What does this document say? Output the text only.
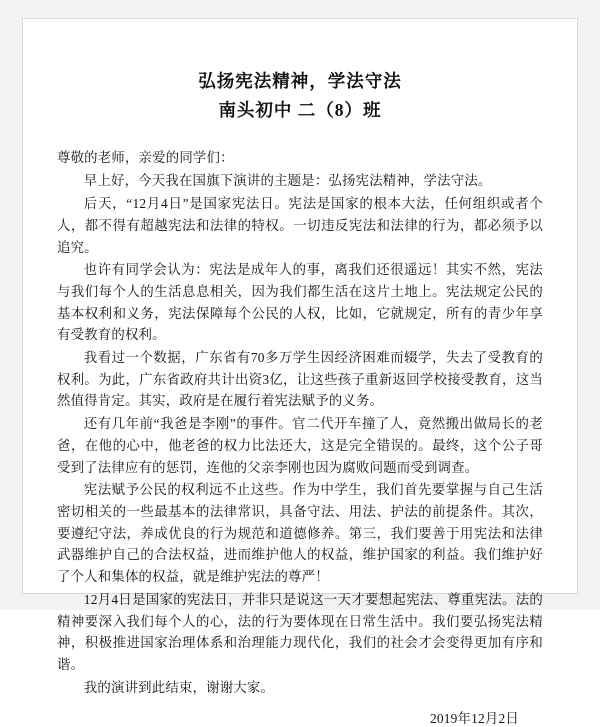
弘扬宪法精神，学法守法
南头初中 二（8）班

尊敬的老师，亲爱的同学们：

早上好，今天我在国旗下演讲的主题是：弘扬宪法精神，学法守法。

后天，“12月4日”是国家宪法日。宪法是国家的根本大法，任何组织或者个人，都不得有超越宪法和法律的特权。一切违反宪法和法律的行为，都必须予以追究。

也许有同学会认为：宪法是成年人的事，离我们还很遥远！其实不然，宪法与我们每个人的生活息息相关，因为我们都生活在这片土地上。宪法规定公民的基本权利和义务，宪法保障每个公民的人权，比如，它就规定，所有的青少年享有受教育的权利。

我看过一个数据，广东省有70多万学生因经济困难而辍学，失去了受教育的权利。为此，广东省政府共计出资3亿，让这些孩子重新返回学校接受教育，这当然值得肯定。其实，政府是在履行着宪法赋予的义务。

还有几年前“我爸是李刚”的事件。官二代开车撞了人，竟然搬出做局长的老爸，在他的心中，他老爸的权力比法还大，这是完全错误的。最终，这个公子哥受到了法律应有的惩罚，连他的父亲李刚也因为腐败问题而受到调查。

宪法赋予公民的权利远不止这些。作为中学生，我们首先要掌握与自己生活密切相关的一些最基本的法律常识，具备守法、用法、护法的前提条件。其次，要遵纪守法，养成优良的行为规范和道德修养。第三，我们要善于用宪法和法律武器维护自己的合法权益，进而维护他人的权益，维护国家的利益。我们维护好了个人和集体的权益，就是维护宪法的尊严！

12月4日是国家的宪法日，并非只是说这一天才要想起宪法、尊重宪法。法的精神要深入我们每个人的心，法的行为要体现在日常生活中。我们要弘扬宪法精神，积极推进国家治理体系和治理能力现代化，我们的社会才会变得更加有序和谐。

我的演讲到此结束，谢谢大家。

2019年12月2日
